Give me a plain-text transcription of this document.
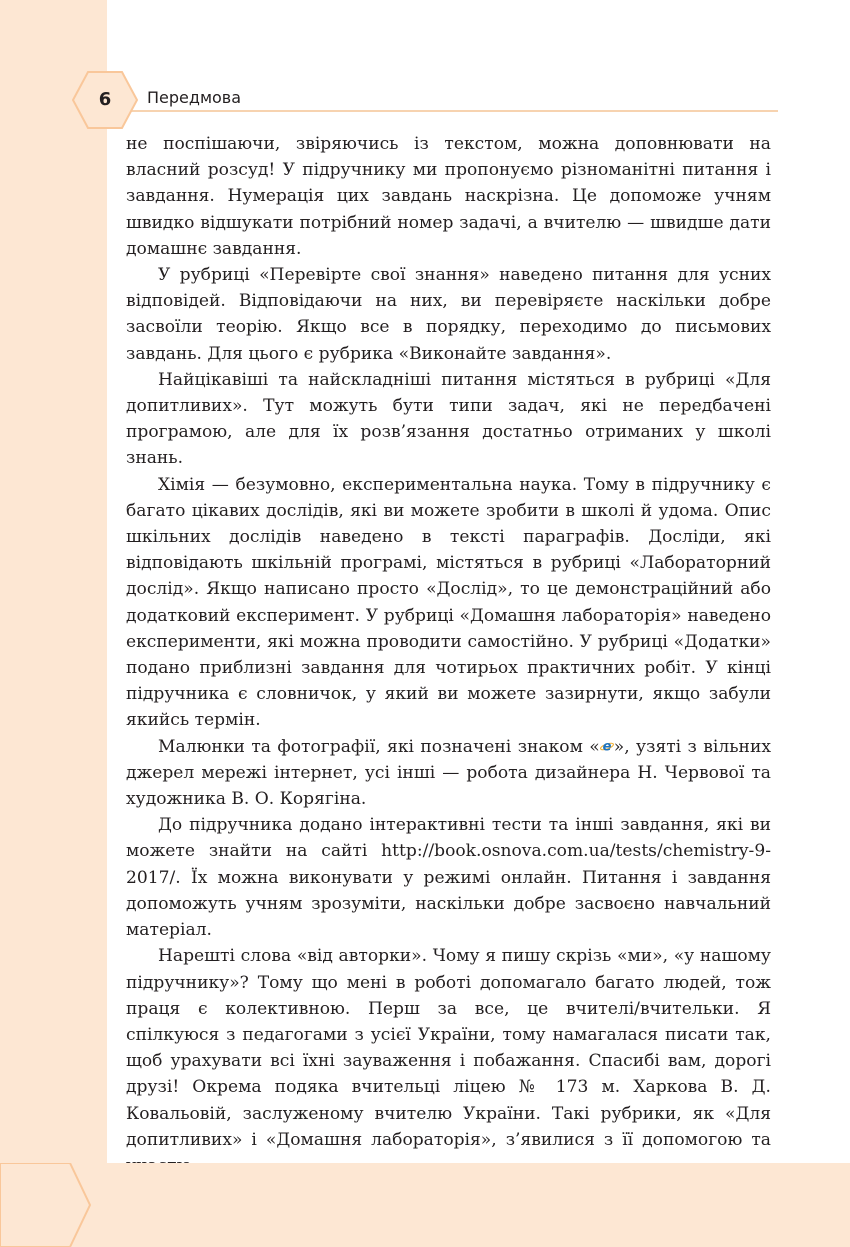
6	Передмова

не поспішаючи, звіряючись із текстом, можна доповнювати на власний розсуд! У підручнику ми пропонуємо різноманітні питання і завдання. Нумерація цих завдань наскрізна. Це допоможе учням швидко відшукати потрібний номер задачі, а вчителю — швидше дати домашнє завдання.

У рубриці «Перевірте свої знання» наведено питання для усних відповідей. Відповідаючи на них, ви перевіряєте наскільки добре засвоїли теорію. Якщо все в порядку, переходимо до письмових завдань. Для цього є рубрика «Виконайте завдання».

Найцікавіші та найскладніші питання містяться в рубриці «Для допитливих». Тут можуть бути типи задач, які не передбачені програмою, але для їх розв’язання достатньо отриманих у школі знань.

Хімія — безумовно, експериментальна наука. Тому в підручнику є багато цікавих дослідів, які ви можете зробити в школі й удома. Опис шкільних дослідів наведено в тексті параграфів. Досліди, які відповідають шкільній програмі, містяться в рубриці «Лабораторний дослід». Якщо написано просто «Дослід», то це демонстраційний або додатковий експеримент. У рубриці «Домашня лабораторія» наведено експерименти, які можна проводити самостійно. У рубриці «Додатки» подано приблизні завдання для чотирьох практичних робіт. У кінці підручника є словничок, у який ви можете зазирнути, якщо забули якийсь термін.

Малюнки та фотографії, які позначені знаком « e », узяті з вільних джерел мережі інтернет, усі інші — робота дизайнера Н. Червової та художника В. О. Корягіна.

До підручника додано інтерактивні тести та інші завдання, які ви можете знайти на сайті http://book.osnova.com.ua/tests/chemistry-9-2017/. Їх можна виконувати у режимі онлайн. Питання і завдання допоможуть учням зрозуміти, наскільки добре засвоєно навчальний матеріал.

Нарешті слова «від авторки». Чому я пишу скрізь «ми», «у нашому підручнику»? Тому що мені в роботі допомагало багато людей, тож праця є колективною. Перш за все, це вчителі/вчительки. Я спілкуюся з педагогами з усієї України, тому намагалася писати так, щоб урахувати всі їхні зауваження і побажання. Спасибі вам, дорогі друзі! Окрема подяка вчительці ліцею № 173 м. Харкова В. Д. Ковальовій, заслуженому вчителю України. Такі рубрики, як «Для допитливих» і «Домашня лабораторія», з’явилися з її допомогою та
